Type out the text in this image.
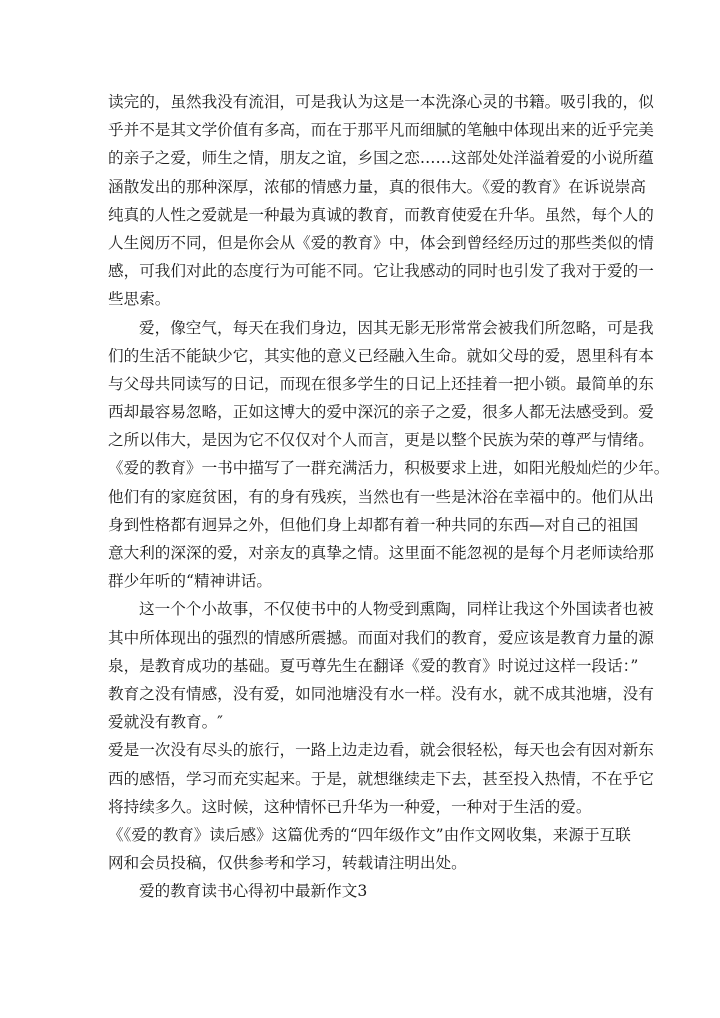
读完的，虽然我没有流泪，可是我认为这是一本洗涤心灵的书籍。吸引我的，似
乎并不是其文学价值有多高，而在于那平凡而细腻的笔触中体现出来的近乎完美
的亲子之爱，师生之情，朋友之谊，乡国之恋……这部处处洋溢着爱的小说所蕴
涵散发出的那种深厚，浓郁的情感力量，真的很伟大。《爱的教育》在诉说崇高
纯真的人性之爱就是一种最为真诚的教育，而教育使爱在升华。虽然，每个人的
人生阅历不同，但是你会从《爱的教育》中，体会到曾经经历过的那些类似的情
感，可我们对此的态度行为可能不同。它让我感动的同时也引发了我对于爱的一
些思索。
爱，像空气，每天在我们身边，因其无影无形常常会被我们所忽略，可是我
们的生活不能缺少它，其实他的意义已经融入生命。就如父母的爱，恩里科有本
与父母共同读写的日记，而现在很多学生的日记上还挂着一把小锁。最简单的东
西却最容易忽略，正如这博大的爱中深沉的亲子之爱，很多人都无法感受到。爱
之所以伟大，是因为它不仅仅对个人而言，更是以整个民族为荣的尊严与情绪。
《爱的教育》一书中描写了一群充满活力，积极要求上进，如阳光般灿烂的少年。
他们有的家庭贫困，有的身有残疾，当然也有一些是沐浴在幸福中的。他们从出
身到性格都有迥异之外，但他们身上却都有着一种共同的东西—对自己的祖国
意大利的深深的爱，对亲友的真挚之情。这里面不能忽视的是每个月老师读给那
群少年听的“精神讲话。
这一个个小故事，不仅使书中的人物受到熏陶，同样让我这个外国读者也被
其中所体现出的强烈的情感所震撼。而面对我们的教育，爱应该是教育力量的源
泉，是教育成功的基础。夏丏尊先生在翻译《爱的教育》时说过这样一段话：”
教育之没有情感，没有爱，如同池塘没有水一样。没有水，就不成其池塘，没有
爱就没有教育。″
爱是一次没有尽头的旅行，一路上边走边看，就会很轻松，每天也会有因对新东
西的感悟，学习而充实起来。于是，就想继续走下去，甚至投入热情，不在乎它
将持续多久。这时候，这种情怀已升华为一种爱，一种对于生活的爱。
《《爱的教育》读后感》这篇优秀的“四年级作文”由作文网收集，来源于互联
网和会员投稿，仅供参考和学习，转载请注明出处。
爱的教育读书心得初中最新作文3
